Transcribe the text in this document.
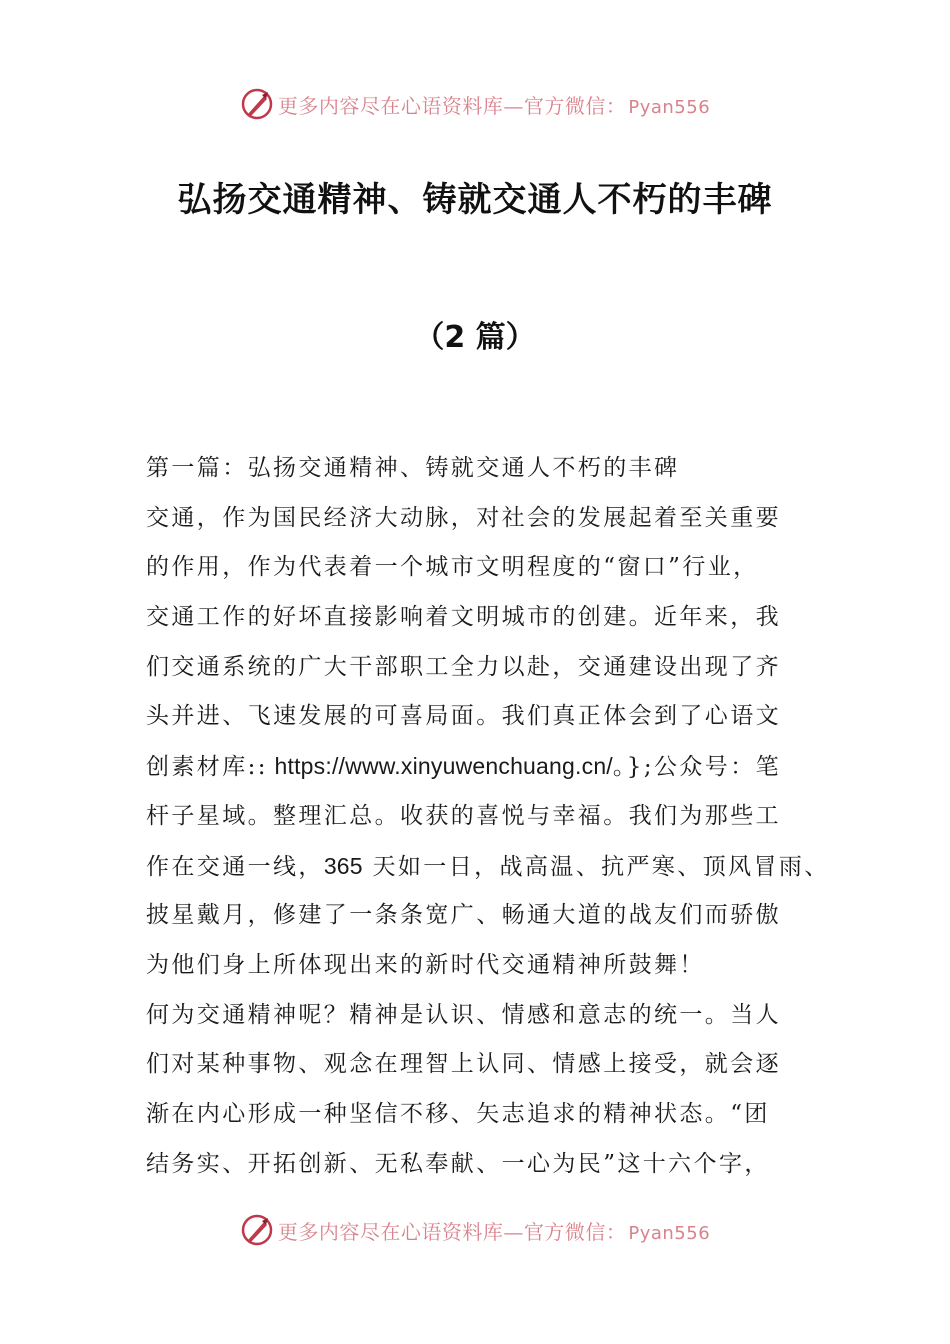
更多内容尽在心语资料库—官方微信： Pyan556
弘扬交通精神、铸就交通人不朽的丰碑
（2 篇）
第一篇：弘扬交通精神、铸就交通人不朽的丰碑
交通，作为国民经济大动脉，对社会的发展起着至关重要
的作用，作为代表着一个城市文明程度的“窗口”行业，
交通工作的好坏直接影响着文明城市的创建。近年来，我
们交通系统的广大干部职工全力以赴，交通建设出现了齐
头并进、飞速发展的可喜局面。我们真正体会到了心语文
创素材库:: https://www.xinyuwenchuang.cn/。};公众号：笔
杆子星域。整理汇总。收获的喜悦与幸福。我们为那些工
作在交通一线，365 天如一日，战高温、抗严寒、顶风冒雨、
披星戴月，修建了一条条宽广、畅通大道的战友们而骄傲
为他们身上所体现出来的新时代交通精神所鼓舞！
何为交通精神呢？精神是认识、情感和意志的统一。当人
们对某种事物、观念在理智上认同、情感上接受，就会逐
渐在内心形成一种坚信不移、矢志追求的精神状态。“团
结务实、开拓创新、无私奉献、一心为民”这十六个字，
更多内容尽在心语资料库—官方微信： Pyan556
